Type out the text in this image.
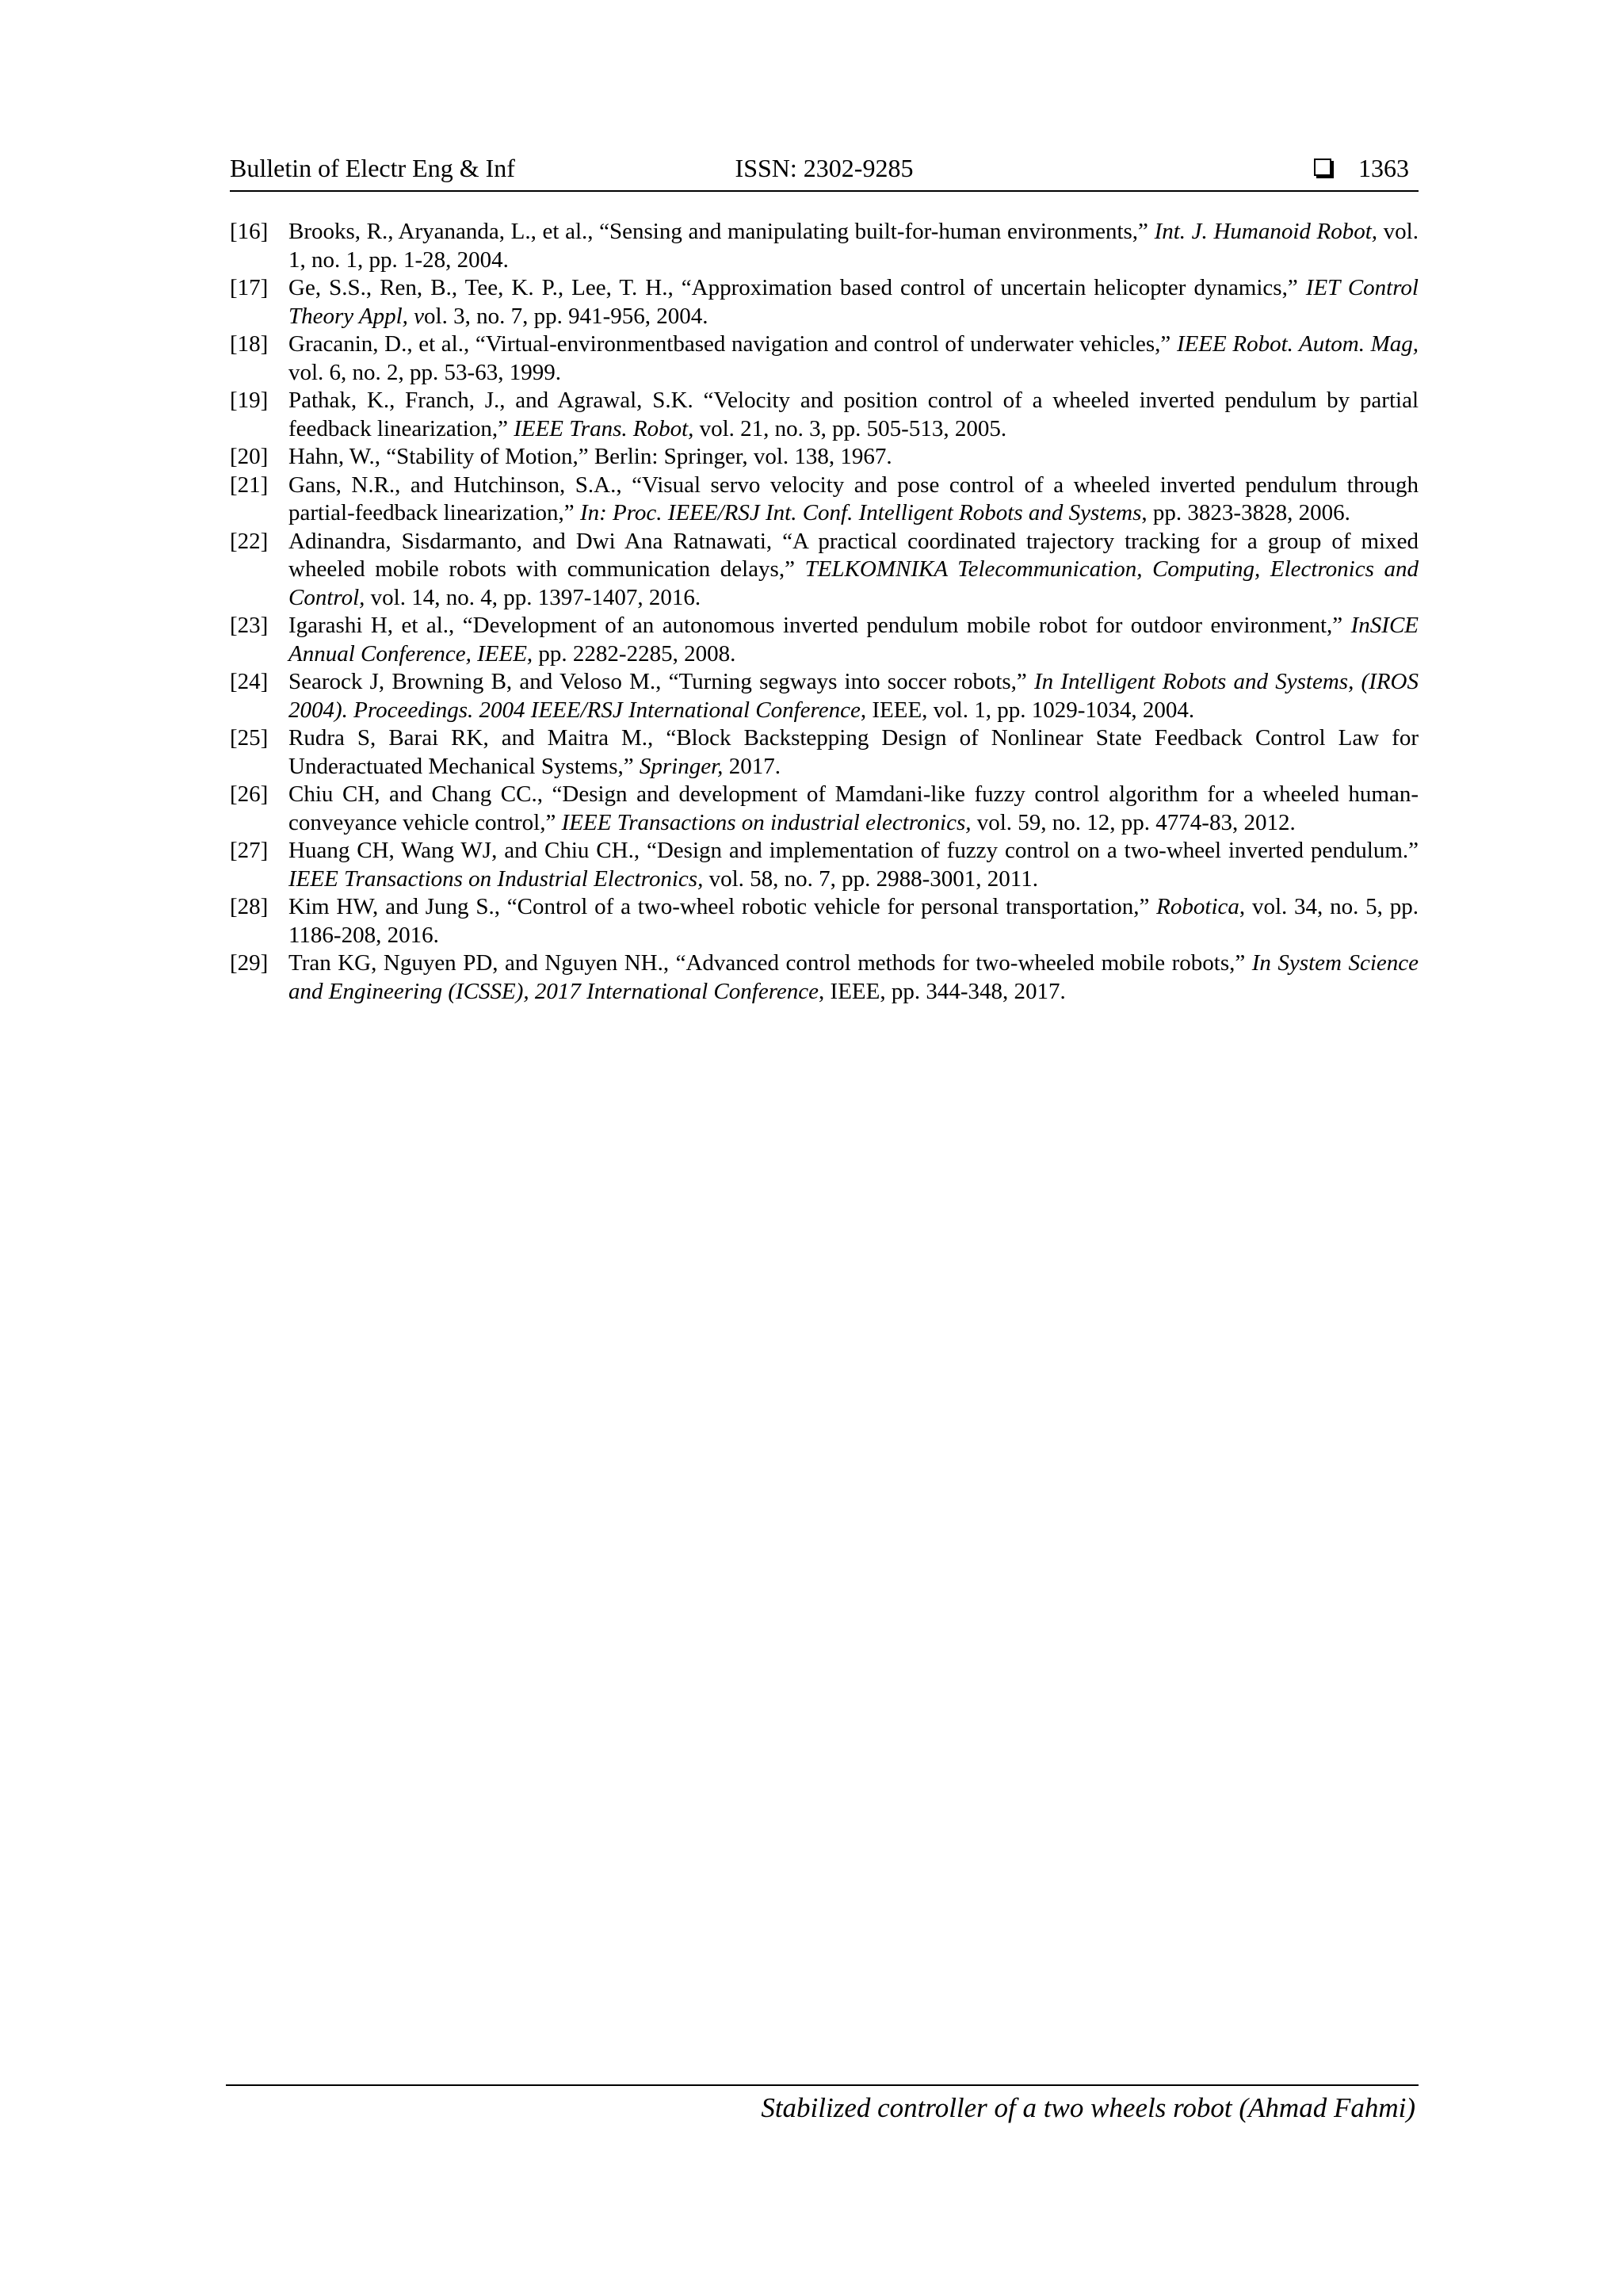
Bulletin of Electr Eng & Inf	ISSN: 2302-9285	1363

[16] Brooks, R., Aryananda, L., et al., “Sensing and manipulating built-for-human environments,” Int. J. Humanoid Robot, vol. 1, no. 1, pp. 1-28, 2004.

[17] Ge, S.S., Ren, B., Tee, K. P., Lee, T. H., “Approximation based control of uncertain helicopter dynamics,” IET Control Theory Appl, vol. 3, no. 7, pp. 941-956, 2004.

[18] Gracanin, D., et al., “Virtual-environmentbased navigation and control of underwater vehicles,” IEEE Robot. Autom. Mag, vol. 6, no. 2, pp. 53-63, 1999.

[19] Pathak, K., Franch, J., and Agrawal, S.K. “Velocity and position control of a wheeled inverted pendulum by partial feedback linearization,” IEEE Trans. Robot, vol. 21, no. 3, pp. 505-513, 2005.

[20] Hahn, W., “Stability of Motion,” Berlin: Springer, vol. 138, 1967.

[21] Gans, N.R., and Hutchinson, S.A., “Visual servo velocity and pose control of a wheeled inverted pendulum through partial-feedback linearization,” In: Proc. IEEE/RSJ Int. Conf. Intelligent Robots and Systems, pp. 3823-3828, 2006.

[22] Adinandra, Sisdarmanto, and Dwi Ana Ratnawati, “A practical coordinated trajectory tracking for a group of mixed wheeled mobile robots with communication delays,” TELKOMNIKA Telecommunication, Computing, Electronics and Control, vol. 14, no. 4, pp. 1397-1407, 2016.

[23] Igarashi H, et al., “Development of an autonomous inverted pendulum mobile robot for outdoor environment,” InSICE Annual Conference, IEEE, pp. 2282-2285, 2008.

[24] Searock J, Browning B, and Veloso M., “Turning segways into soccer robots,” In Intelligent Robots and Systems, (IROS 2004). Proceedings. 2004 IEEE/RSJ International Conference, IEEE, vol. 1, pp. 1029-1034, 2004.

[25] Rudra S, Barai RK, and Maitra M., “Block Backstepping Design of Nonlinear State Feedback Control Law for Underactuated Mechanical Systems,” Springer, 2017.

[26] Chiu CH, and Chang CC., “Design and development of Mamdani-like fuzzy control algorithm for a wheeled human-conveyance vehicle control,” IEEE Transactions on industrial electronics, vol. 59, no. 12, pp. 4774-83, 2012.

[27] Huang CH, Wang WJ, and Chiu CH., “Design and implementation of fuzzy control on a two-wheel inverted pendulum.” IEEE Transactions on Industrial Electronics, vol. 58, no. 7, pp. 2988-3001, 2011.

[28] Kim HW, and Jung S., “Control of a two-wheel robotic vehicle for personal transportation,” Robotica, vol. 34, no. 5, pp. 1186-208, 2016.

[29] Tran KG, Nguyen PD, and Nguyen NH., “Advanced control methods for two-wheeled mobile robots,” In System Science and Engineering (ICSSE), 2017 International Conference, IEEE, pp. 344-348, 2017.

Stabilized controller of a two wheels robot (Ahmad Fahmi)
